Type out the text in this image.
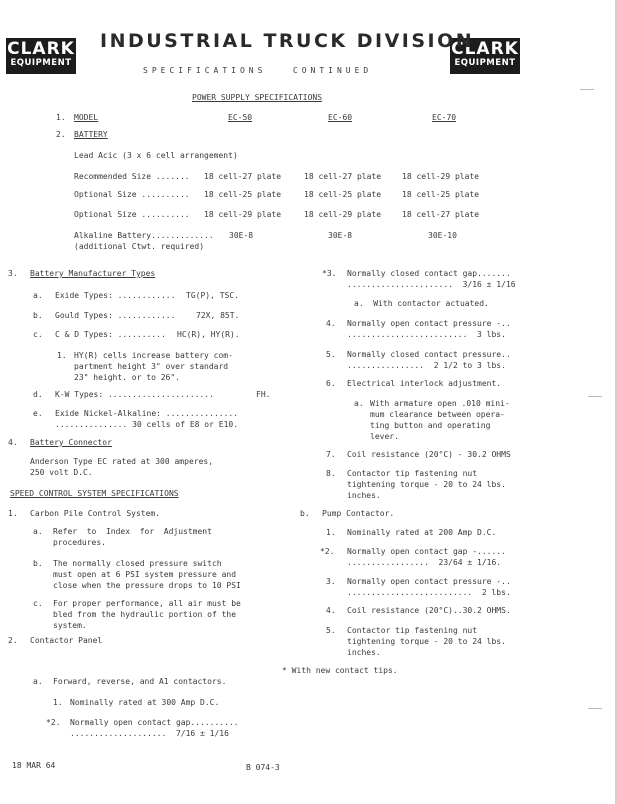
CLARK
EQUIPMENT
CLARK
EQUIPMENT
INDUSTRIAL TRUCK DIVISION
SPECIFICATIONS   CONTINUED
POWER SUPPLY SPECIFICATIONS
1. MODEL	EC-50	EC-60	EC-70
2. BATTERY
Lead Acic (3 x 6 cell arrangement)
Recommended Size ....... 18 cell-27 plate	18 cell-27 plate	18 cell-29 plate
Optional Size .......... 18 cell-25 plate	18 cell-25 plate	18 cell-25 plate
Optional Size .......... 18 cell-29 plate	18 cell-29 plate	18 cell-27 plate
Alkaline Battery............. 30E-8	30E-8	30E-10
(additional Ctwt. required)
3. Battery Manufacturer Types
a. Exide Types: ............ TG(P), TSC.
b. Gould Types: ............	72X, 85T.
c. C & D Types: .......... HC(R), HY(R).
1. HY(R) cells increase battery com-
partment height 3" over standard
23" height. or to 26".
d. K-W Types: ......................	FH.
e. Exide Nickel-Alkaline: ...............
............... 30 cells of E8 or E10.
4. Battery Connector
Anderson Type EC rated at 300 amperes,
250 volt D.C.
SPEED CONTROL SYSTEM SPECIFICATIONS
1. Carbon Pile Control System.
a. Refer  to  Index  for  Adjustment
procedures.
b. The normally closed pressure switch
must open at 6 PSI system pressure and
close when the pressure drops to 10 PSI
c. For proper performance, all air must be
bled from the hydraulic portion of the
system.
2. Contactor Panel
a. Forward, reverse, and A1 contactors.
1. Nominally rated at 300 Amp D.C.
*2. Normally open contact gap..........
....................  7/16 ± 1/16
*3. Normally closed contact gap.......
......................  3/16 ± 1/16
a.  With contactor actuated.
4. Normally open contact pressure -..
.........................  3 lbs.
5. Normally closed contact pressure..
................  2 1/2 to 3 lbs.
6. Electrical interlock adjustment.
a. With armature open .010 mini-
mum clearance between opera-
ting button and operating
lever.
7. Coil resistance (20°C) - 30.2 OHMS
8. Contactor tip fastening nut
tightening torque - 20 to 24 lbs.
inches.
b. Pump Contactor.
1. Nominally rated at 200 Amp D.C.
*2. Normally open contact gap -......
.................  23/64 ± 1/16.
3. Normally open contact pressure -..
..........................  2 lbs.
4. Coil resistance (20°C)..30.2 OHMS.
5. Contactor tip fastening nut
tightening torque - 20 to 24 lbs.
inches.
* With new contact tips.
18 MAR 64	B 074-3
